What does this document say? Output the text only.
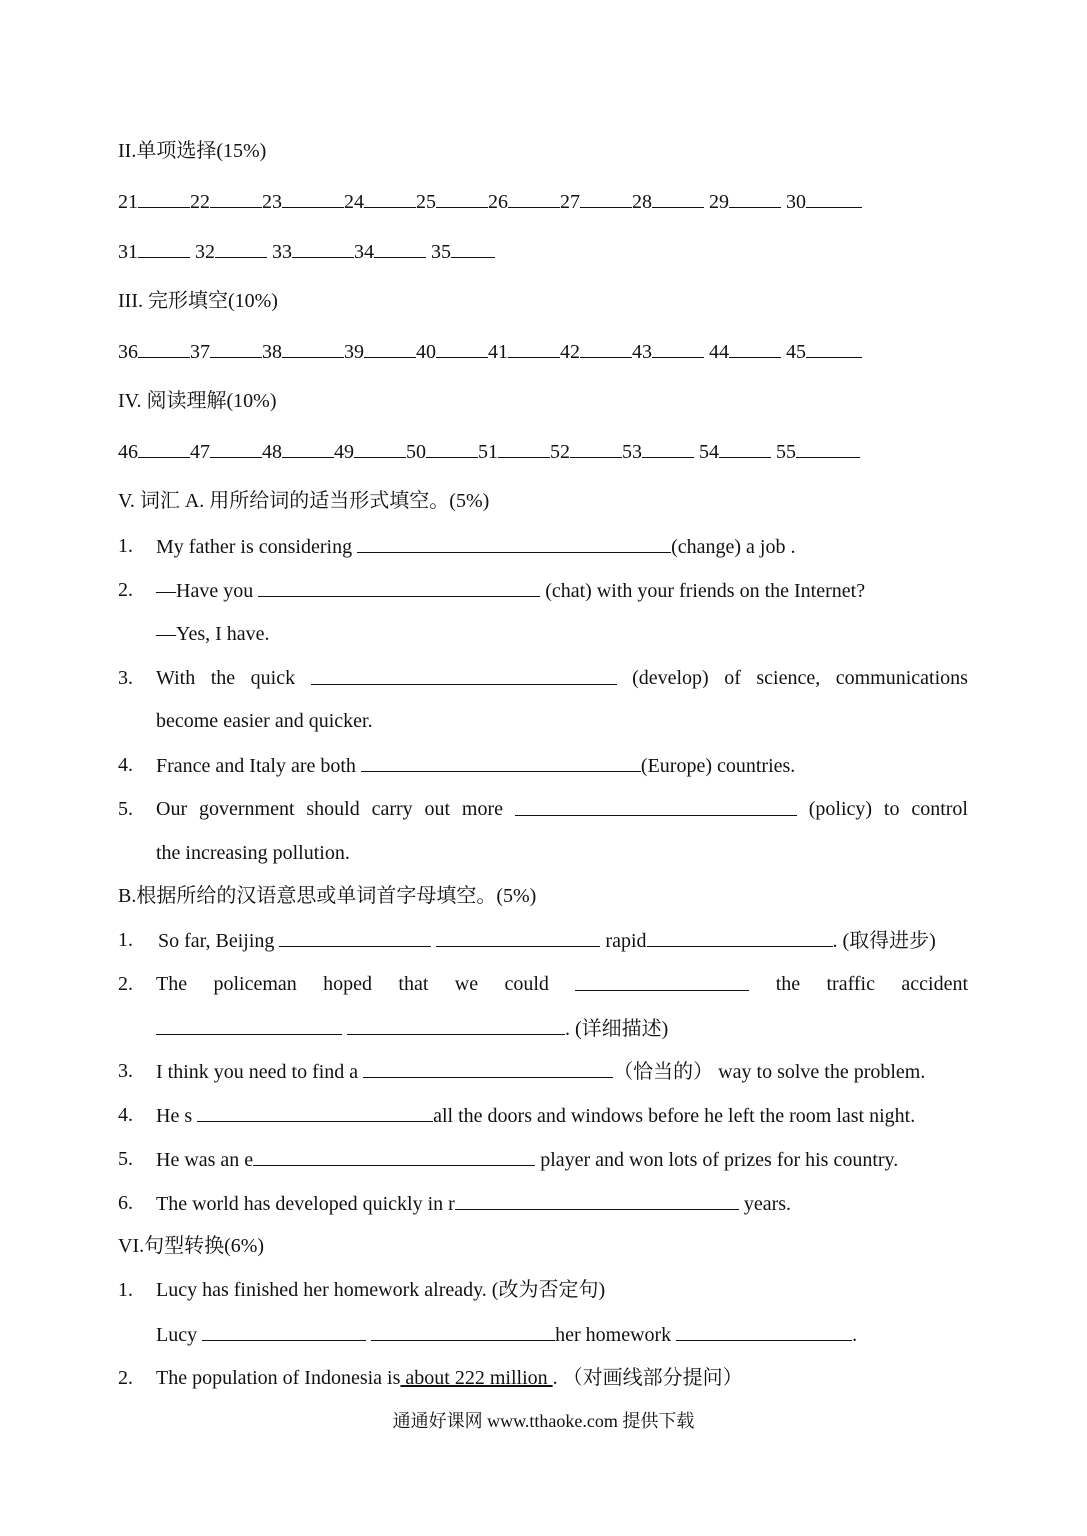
II.单项选择(15%)
21	22	23	24	25	26	27	28	29	30
31	32	33	34	35
III. 完形填空(10%)
36	37	38	39	40	41	42	43	44	45
IV. 阅读理解(10%)
46	47	48	49	50	51	52	53	54	55
V. 词汇 A. 用所给词的适当形式填空。(5%)
1. My father is considering	(change) a job .
2. —Have you	(chat) with your friends on the Internet?
—Yes, I have.
3. With the quick	(develop) of science, communications
become easier and quicker.
4. France and Italy are both	(Europe) countries.
5. Our government should carry out more	(policy) to control
the increasing pollution.
B.根据所给的汉语意思或单词首字母填空。(5%)
1. So far, Beijing	rapid	. (取得进步)
2. The policeman hoped that we could	the traffic accident
. (详细描述)
3. I think you need to find a	（恰当的） way to solve the problem.
4. He s	all the doors and windows before he left the room last night.
5. He was an e	player and won lots of prizes for his country.
6. The world has developed quickly in r	years.
VI.句型转换(6%)
1. Lucy has finished her homework already. (改为否定句)
Lucy	her homework	.
2. The population of Indonesia is about 222 million . （对画线部分提问）
通通好课网 www.tthaoke.com 提供下载
